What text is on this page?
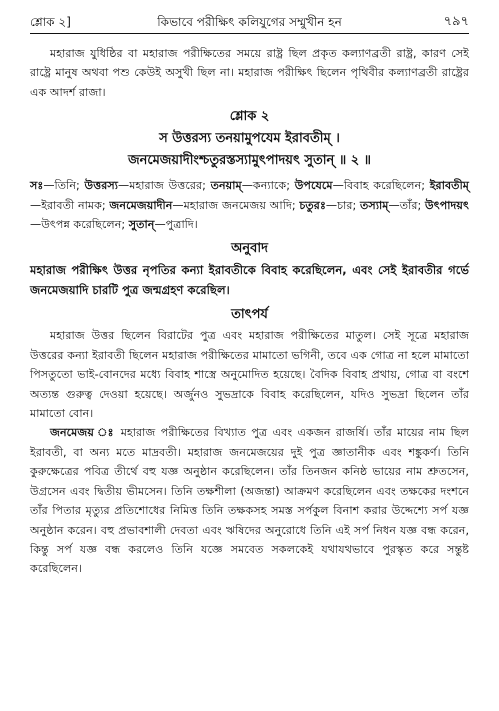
শ্লোক ২]	কিভাবে পরীক্ষিৎ কলিযুগের সম্মুখীন হন	৭৯৭

মহারাজ যুধিষ্ঠির বা মহারাজ পরীক্ষিতের সময়ে রাষ্ট্র ছিল প্রকৃত কল্যাণব্রতী রাষ্ট্র, কারণ সেই রাষ্ট্রে মানুষ অথবা পশু কেউই অসুখী ছিল না। মহারাজ পরীক্ষিৎ ছিলেন পৃথিবীর কল্যাণব্রতী রাষ্ট্রের এক আদর্শ রাজা।

শ্লোক ২
স উত্তরস্য তনয়ামুপযেম ইরাবতীম্ ।
জনমেজয়াদীংশ্চতুরস্তস্যামুৎপাদয়ৎ সুতান্ ॥ ২ ॥

সঃ—তিনি; উত্তরস্য—মহারাজ উত্তরের; তনয়াম্—কন্যাকে; উপযেমে—বিবাহ করেছিলেন; ইরাবতীম্—ইরাবতী নামক; জনমেজয়াদীন—মহারাজ জনমেজয় আদি; চতুরঃ—চার; তস্যাম্—তাঁর; উৎপাদয়ৎ—উৎপন্ন করেছিলেন; সুতান্—পুত্রাদি।

অনুবাদ

মহারাজ পরীক্ষিৎ উত্তর নৃপতির কন্যা ইরাবতীকে বিবাহ করেছিলেন, এবং সেই ইরাবতীর গর্ভে জনমেজয়াদি চারটি পুত্র জন্মগ্রহণ করেছিল।

তাৎপর্য

মহারাজ উত্তর ছিলেন বিরাটের পুত্র এবং মহারাজ পরীক্ষিতের মাতুল। সেই সূত্রে মহারাজ উত্তরের কন্যা ইরাবতী ছিলেন মহারাজ পরীক্ষিতের মামাতো ভগিনী, তবে এক গোত্র না হলে মামাতো পিসতুতো ভাই-বোনদের মধ্যে বিবাহ শাস্ত্রে অনুমোদিত হয়েছে। বৈদিক বিবাহ প্রথায়, গোত্র বা বংশে অত্যন্ত গুরুত্ব দেওয়া হয়েছে। অর্জুনও সুভদ্রাকে বিবাহ করেছিলেন, যদিও সুভদ্রা ছিলেন তাঁর মামাতো বোন।

জনমেজয় ঃ মহারাজ পরীক্ষিতের বিখ্যাত পুত্র এবং একজন রাজর্ষি। তাঁর মায়ের নাম ছিল ইরাবতী, বা অন্য মতে মাদ্রবতী। মহারাজ জনমেজয়ের দুই পুত্র জ্ঞাতানীক এবং শঙ্কুকর্ণ। তিনি কুরুক্ষেত্রের পবিত্র তীর্থে বহু যজ্ঞ অনুষ্ঠান করেছিলেন। তাঁর তিনজন কনিষ্ঠ ভায়ের নাম শ্রুতসেন, উগ্রসেন এবং দ্বিতীয় ভীমসেন। তিনি তক্ষশীলা (অজন্তা) আক্রমণ করেছিলেন এবং তক্ষকের দংশনে তাঁর পিতার মৃত্যুর প্রতিশোধের নিমিত্ত তিনি তক্ষকসহ সমস্ত সর্পকুল বিনাশ করার উদ্দেশ্যে সর্প যজ্ঞ অনুষ্ঠান করেন। বহু প্রভাবশালী দেবতা এবং ঋষিদের অনুরোধে তিনি এই সর্প নিধন যজ্ঞ বন্ধ করেন, কিন্তু সর্প যজ্ঞ বন্ধ করলেও তিনি যজ্ঞে সমবেত সকলকেই যথাযথভাবে পুরস্কৃত করে সন্তুষ্ট করেছিলেন।
